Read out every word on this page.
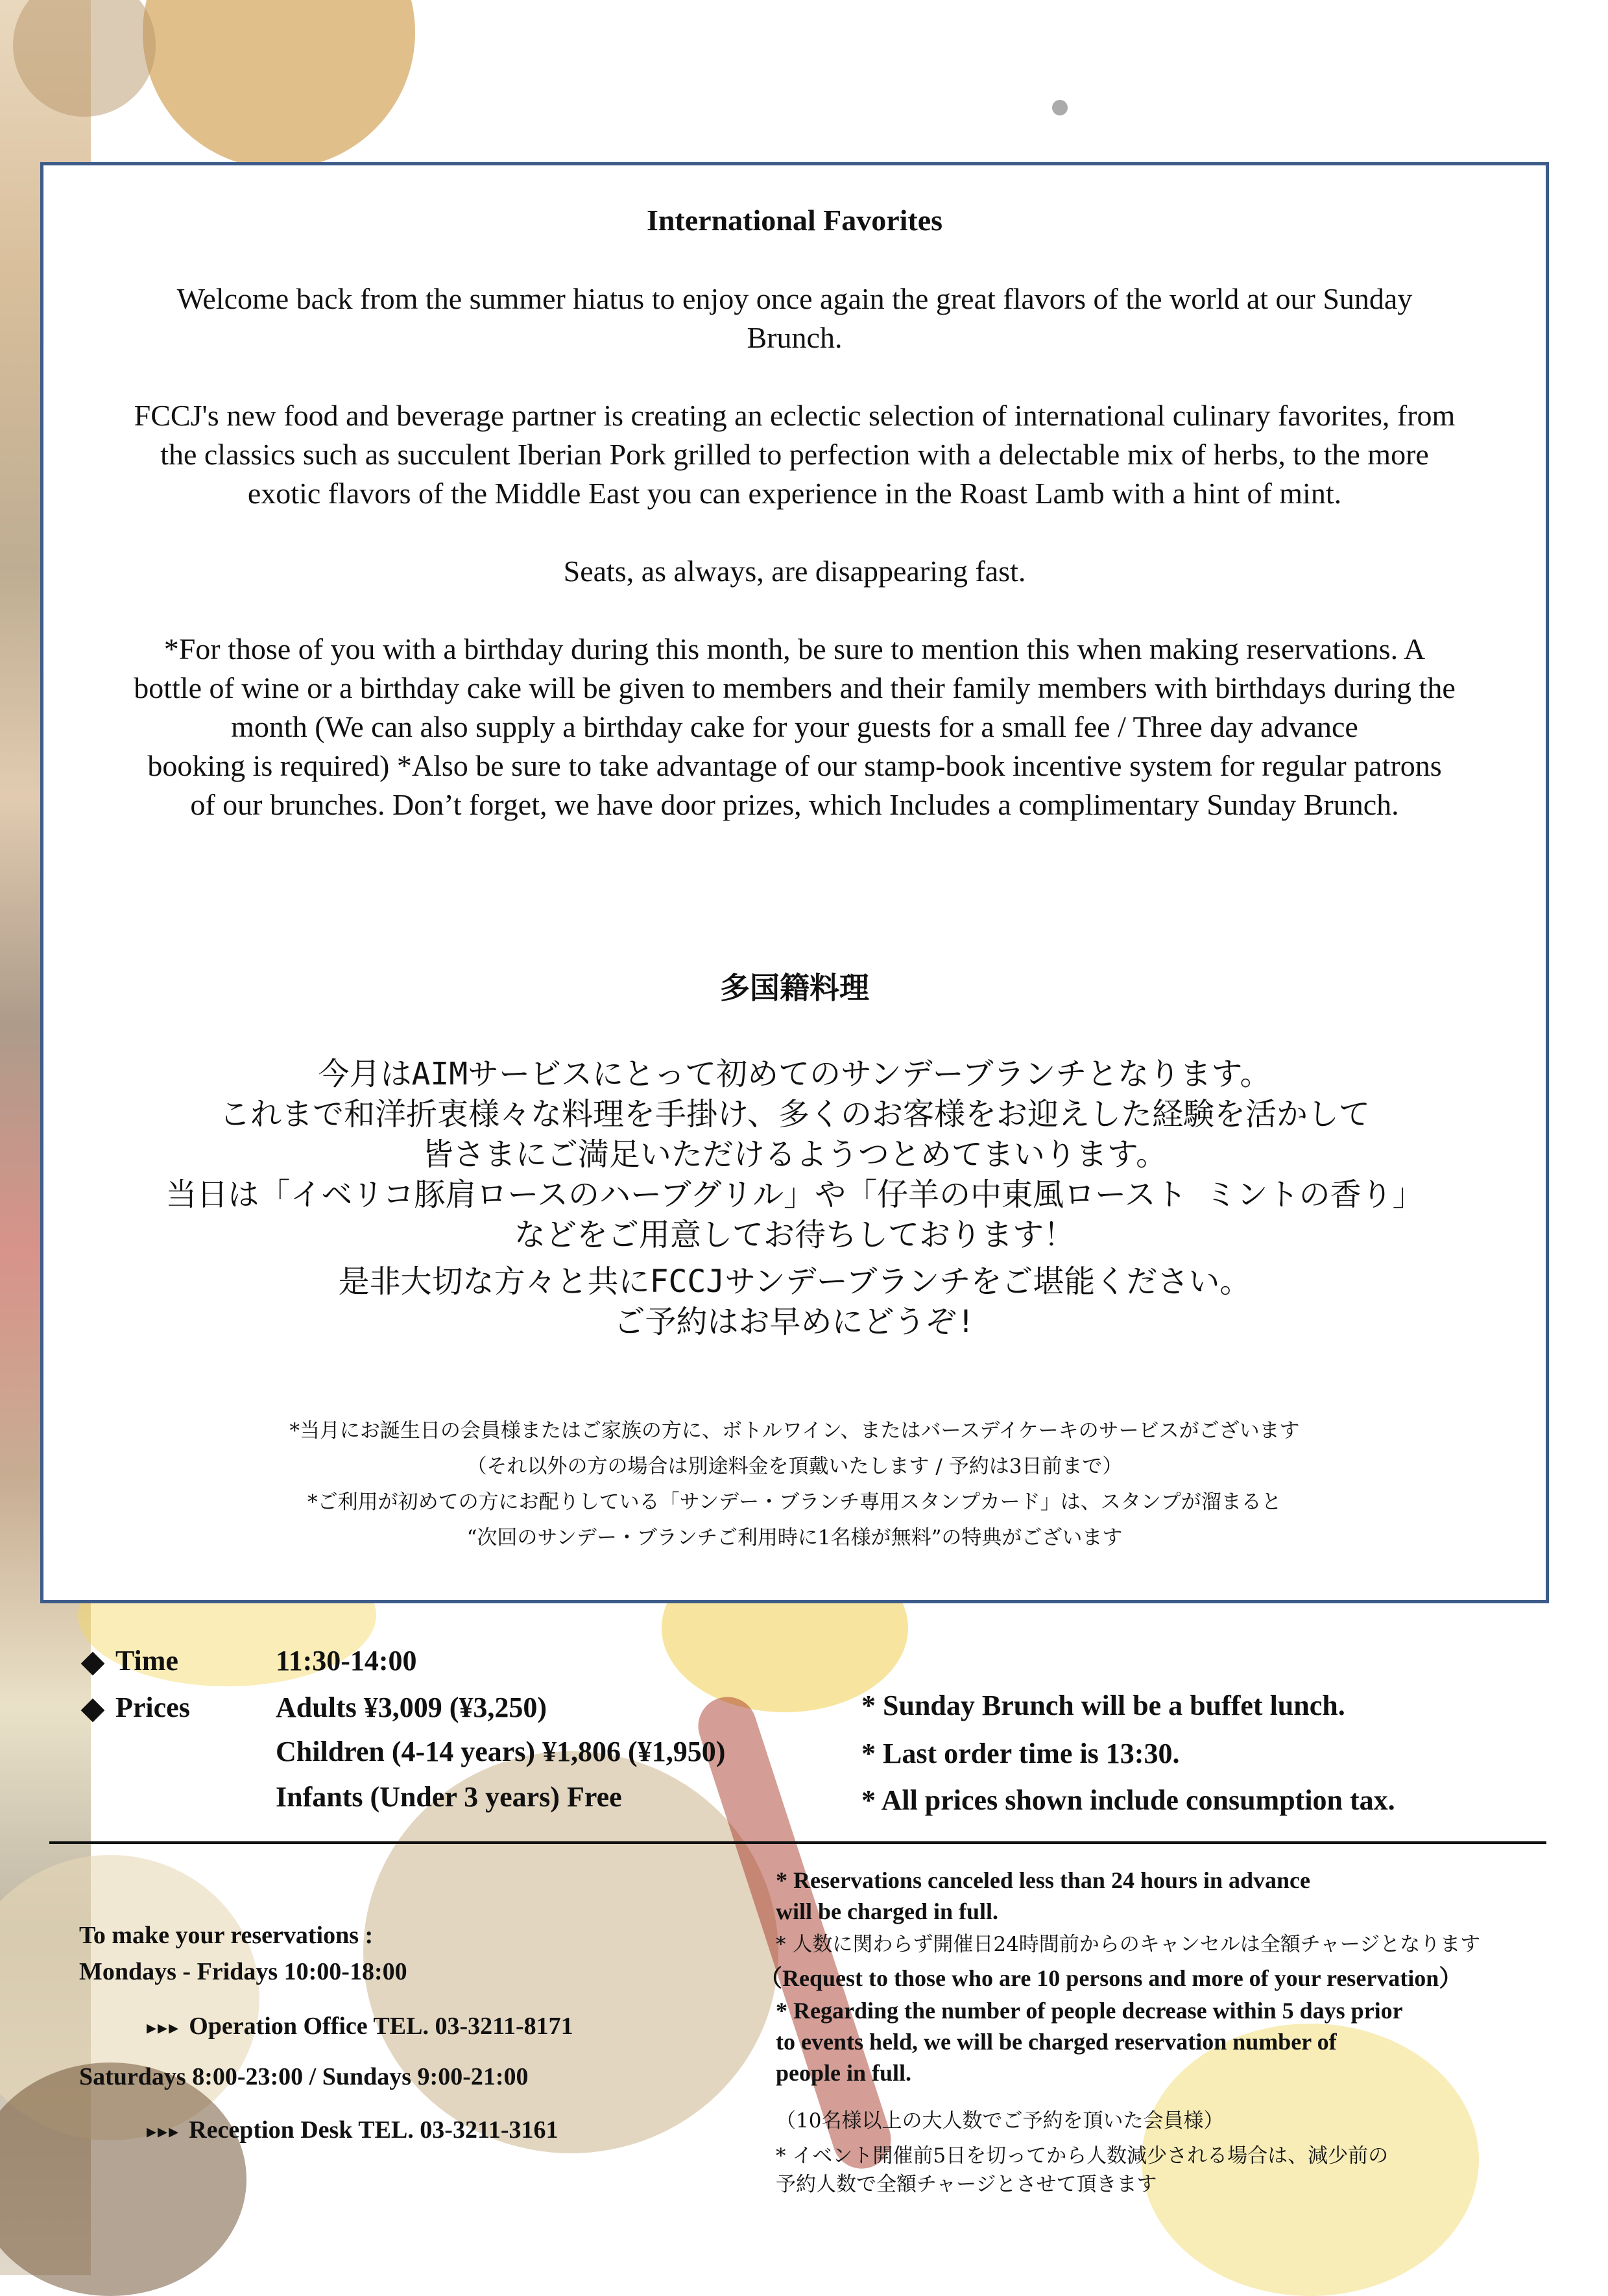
International Favorites
Welcome back from the summer hiatus to enjoy once again the great flavors of the world at our Sunday
Brunch.
FCCJ's new food and beverage partner is creating an eclectic selection of international culinary favorites, from
the classics such as succulent Iberian Pork grilled to perfection with a delectable mix of herbs, to the more
exotic flavors of the Middle East you can experience in the Roast Lamb with a hint of mint.
Seats, as always, are disappearing fast.
*For those of you with a birthday during this month, be sure to mention this when making reservations. A
bottle of wine or a birthday cake will be given to members and their family members with birthdays during the
month (We can also supply a birthday cake for your guests for a small fee / Three day advance
booking is required) *Also be sure to take advantage of our stamp-book incentive system for regular patrons
of our brunches. Don’t forget, we have door prizes, which Includes a complimentary Sunday Brunch.
多国籍料理
今月はAIMサービスにとって初めてのサンデーブランチとなります。
これまで和洋折衷様々な料理を手掛け、多くのお客様をお迎えした経験を活かして
皆さまにご満足いただけるようつとめてまいります。
当日は「イベリコ豚肩ロースのハーブグリル」や「仔羊の中東風ロースト ミントの香り」
などをご用意してお待ちしております！
是非大切な方々と共にFCCJサンデーブランチをご堪能ください。
ご予約はお早めにどうぞ!
*当月にお誕生日の会員様またはご家族の方に、ボトルワイン、またはバースデイケーキのサービスがございます
（それ以外の方の場合は別途料金を頂戴いたします / 予約は3日前まで）
*ご利用が初めての方にお配りしている「サンデー・ブランチ専用スタンプカード」は、スタンプが溜まると
“次回のサンデー・ブランチご利用時に1名様が無料”の特典がございます
Time	11:30-14:00
Prices	Adults ¥3,009 (¥3,250)
Children (4-14 years) ¥1,806 (¥1,950)
Infants (Under 3 years) Free
* Sunday Brunch will be a buffet lunch.
* Last order time is 13:30.
* All prices shown include consumption tax.
To make your reservations :
Mondays - Fridays 10:00-18:00
▸▸▸ Operation Office TEL. 03-3211-8171
Saturdays 8:00-23:00 / Sundays 9:00-21:00
▸▸▸ Reception Desk TEL. 03-3211-3161
* Reservations canceled less than 24 hours in advance
will be charged in full.
* 人数に関わらず開催日24時間前からのキャンセルは全額チャージとなります
（Request to those who are 10 persons and more of your reservation）
* Regarding the number of people decrease within 5 days prior
to events held, we will be charged reservation number of
people in full.
（10名様以上の大人数でご予約を頂いた会員様）
* イベント開催前5日を切ってから人数減少される場合は、減少前の
予約人数で全額チャージとさせて頂きます
